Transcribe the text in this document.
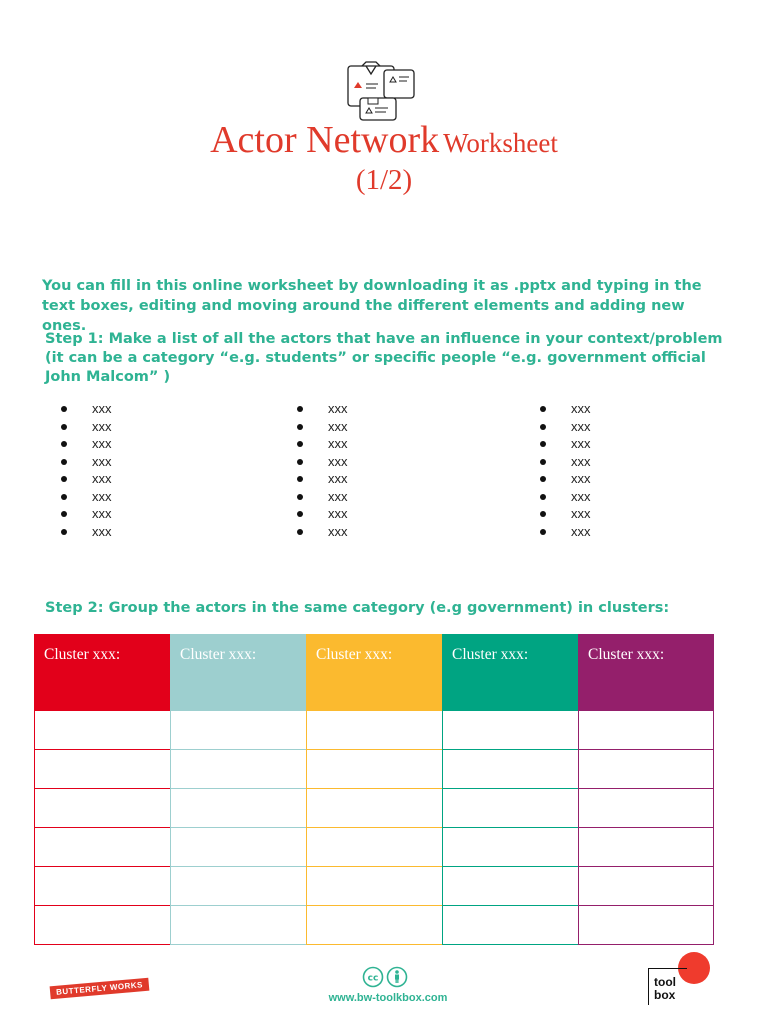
Actor Network Worksheet
(1/2)
You can fill in this online worksheet by downloading it as .pptx and typing in the text boxes, editing and moving around the different elements and adding new ones.
Step 1: Make a list of all the actors that have an influence in your context/problem (it can be a category “e.g. students” or specific people “e.g. government official John Malcom” )
xxx
xxx
xxx
xxx
xxx
xxx
xxx
xxx
xxx
xxx
xxx
xxx
xxx
xxx
xxx
xxx
xxx
xxx
xxx
xxx
xxx
xxx
xxx
xxx
Step 2: Group the actors in the same category (e.g government) in clusters:
Cluster xxx:	Cluster xxx:	Cluster xxx:	Cluster xxx:	Cluster xxx:
BUTTERFLY WORKS
cc
www.bw-toolkbox.com
tool
box
